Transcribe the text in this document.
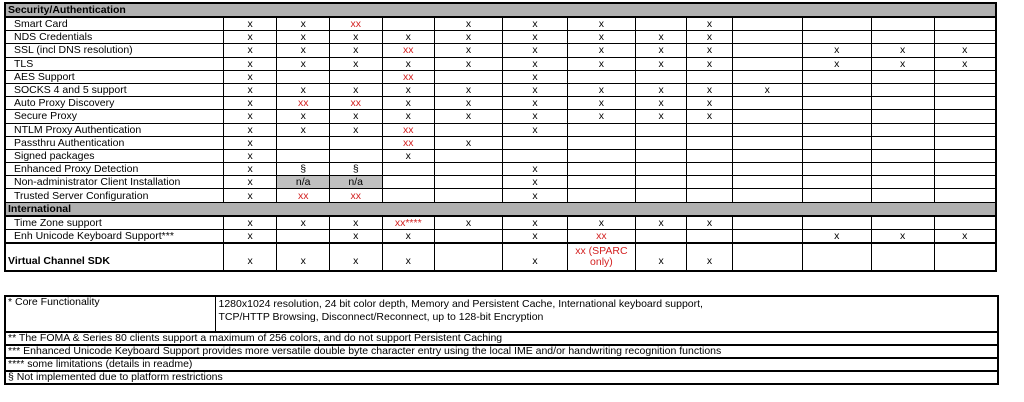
Security/Authentication													
Smart Card	x	x	xx		x	x	x		x				
NDS Credentials	x	x	x	x	x	x	x	x	x				
SSL (incl DNS resolution)	x	x	x	xx	x	x	x	x	x		x	x	x
TLS	x	x	x	x	x	x	x	x	x		x	x	x
AES Support	x			xx		x							
SOCKS 4 and 5 support	x	x	x	x	x	x	x	x	x	x			
Auto Proxy Discovery	x	xx	xx	x	x	x	x	x	x				
Secure Proxy	x	x	x	x	x	x	x	x	x				
NTLM Proxy Authentication	x	x	x	xx		x							
Passthru Authentication	x			xx	x								
Signed packages	x			x									
Enhanced Proxy Detection	x	§	§			x							
Non-administrator Client Installation	x	n/a	n/a			x							
Trusted Server Configuration	x	xx	xx			x							
International													
Time Zone support	x	x	x	xx****	x	x	x	x	x				
Enh Unicode Keyboard Support***	x		x	x		x	xx				x	x	x
Virtual Channel SDK	x	x	x	x		x	xx (SPARC only)	x	x				
* Core Functionality	1280x1024 resolution, 24 bit color depth, Memory and Persistent Cache, International keyboard support,
TCP/HTTP Browsing, Disconnect/Reconnect, up to 128-bit Encryption

** The FOMA & Series 80 clients support a maximum of 256 colors, and do not support Persistent Caching
*** Enhanced Unicode Keyboard Support provides more versatile double byte character entry using the local IME and/or handwriting recognition functions
**** some limitations (details in readme)
§ Not implemented due to platform restrictions
